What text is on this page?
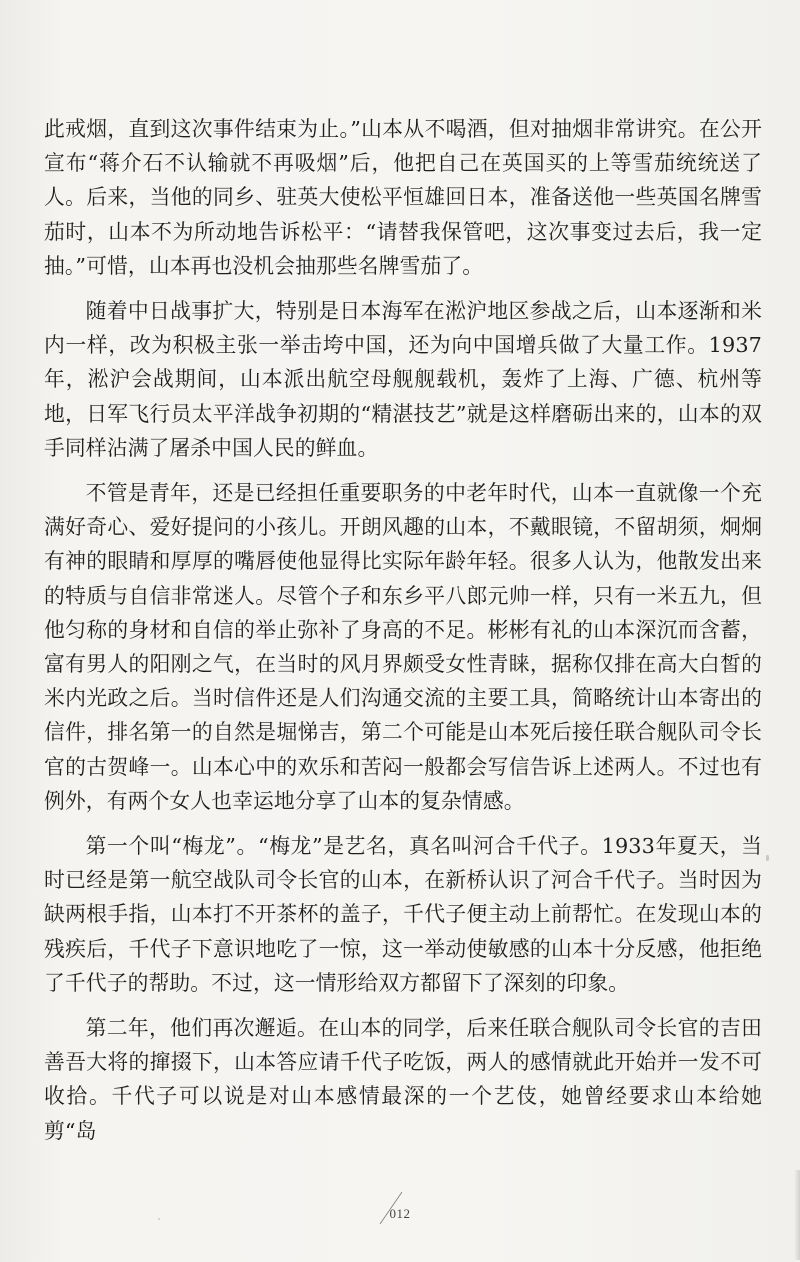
此戒烟，直到这次事件结束为止。”山本从不喝酒，但对抽烟非常讲究。在公开宣布“蒋介石不认输就不再吸烟”后，他把自己在英国买的上等雪茄统统送了人。后来，当他的同乡、驻英大使松平恒雄回日本，准备送他一些英国名牌雪茄时，山本不为所动地告诉松平：“请替我保管吧，这次事变过去后，我一定抽。”可惜，山本再也没机会抽那些名牌雪茄了。

随着中日战事扩大，特别是日本海军在淞沪地区参战之后，山本逐渐和米内一样，改为积极主张一举击垮中国，还为向中国增兵做了大量工作。1937年，淞沪会战期间，山本派出航空母舰舰载机，轰炸了上海、广德、杭州等地，日军飞行员太平洋战争初期的“精湛技艺”就是这样磨砺出来的，山本的双手同样沾满了屠杀中国人民的鲜血。

不管是青年，还是已经担任重要职务的中老年时代，山本一直就像一个充满好奇心、爱好提问的小孩儿。开朗风趣的山本，不戴眼镜，不留胡须，炯炯有神的眼睛和厚厚的嘴唇使他显得比实际年龄年轻。很多人认为，他散发出来的特质与自信非常迷人。尽管个子和东乡平八郎元帅一样，只有一米五九，但他匀称的身材和自信的举止弥补了身高的不足。彬彬有礼的山本深沉而含蓄，富有男人的阳刚之气，在当时的风月界颇受女性青睐，据称仅排在高大白皙的米内光政之后。当时信件还是人们沟通交流的主要工具，简略统计山本寄出的信件，排名第一的自然是堀悌吉，第二个可能是山本死后接任联合舰队司令长官的古贺峰一。山本心中的欢乐和苦闷一般都会写信告诉上述两人。不过也有例外，有两个女人也幸运地分享了山本的复杂情感。

第一个叫“梅龙”。“梅龙”是艺名，真名叫河合千代子。1933年夏天，当时已经是第一航空战队司令长官的山本，在新桥认识了河合千代子。当时因为缺两根手指，山本打不开茶杯的盖子，千代子便主动上前帮忙。在发现山本的残疾后，千代子下意识地吃了一惊，这一举动使敏感的山本十分反感，他拒绝了千代子的帮助。不过，这一情形给双方都留下了深刻的印象。

第二年，他们再次邂逅。在山本的同学，后来任联合舰队司令长官的吉田善吾大将的撺掇下，山本答应请千代子吃饭，两人的感情就此开始并一发不可收拾。千代子可以说是对山本感情最深的一个艺伎，她曾经要求山本给她剪“岛

012
